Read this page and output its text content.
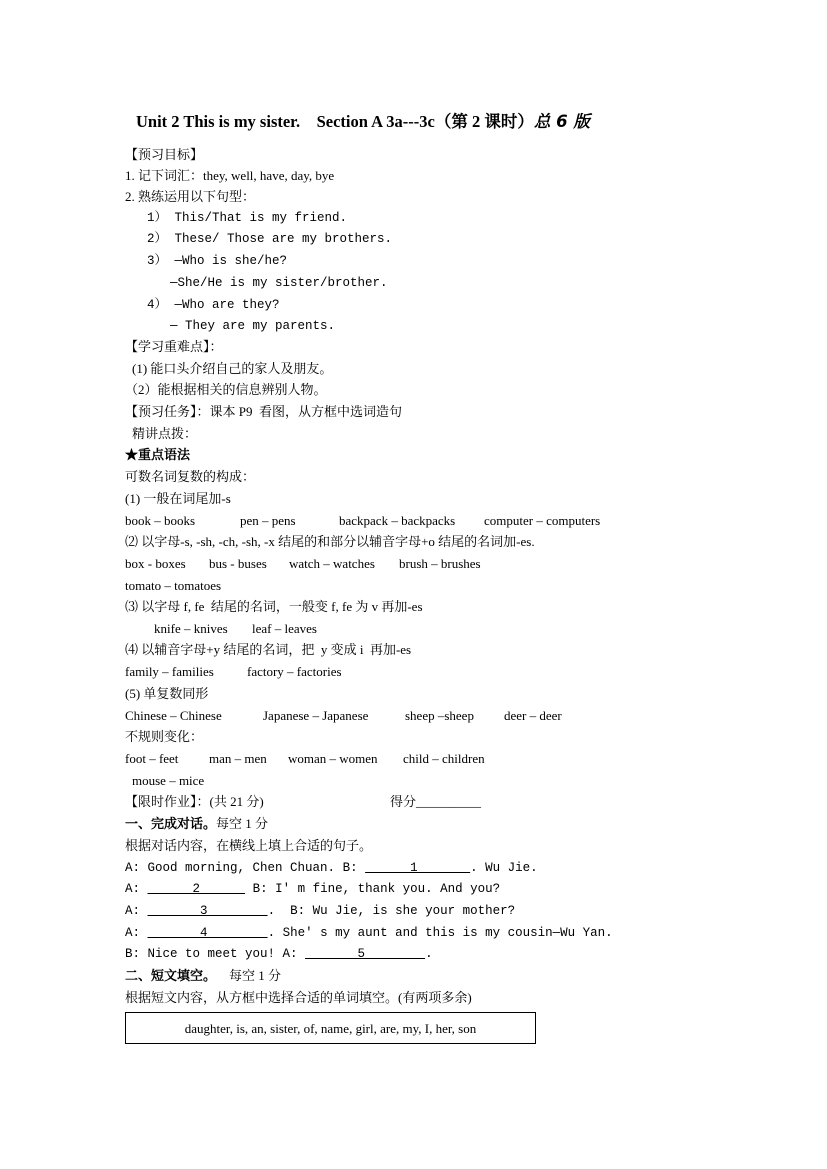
Unit 2 This is my sister.    Section A 3a---3c（第 2 课时）总 6 版
【预习目标】
1. 记下词汇：they, well, have, day, bye
2. 熟练运用以下句型：
1） This/That is my friend.
2） These/ Those are my brothers.
3） —Who is she/he?
—She/He is my sister/brother.
4） —Who are they?
— They are my parents.
【学习重难点】：
(1) 能口头介绍自己的家人及朋友。
（2）能根据相关的信息辨别人物。
【预习任务】：课本 P9  看图，从方框中选词造句
精讲点拨：
★重点语法
可数名词复数的构成：
(1) 一般在词尾加-s
book – books	pen – pens	backpack – backpacks computer – computers
⑵ 以字母-s, -sh, -ch, -sh, -x 结尾的和部分以辅音字母+o 结尾的名词加-es.
box - boxes bus - buses watch – watches brush – brushes
tomato – tomatoes
⑶ 以字母 f, fe  结尾的名词，一般变 f, fe 为 v 再加-es
knife – knives leaf – leaves
⑷ 以辅音字母+y 结尾的名词，把  y 变成 i  再加-es
family – families	factory – factories
(5) 单复数同形
Chinese – Chinese	Japanese – Japanese	sheep –sheep deer – deer
不规则变化：
foot – feet man – men woman – women child – children
mouse – mice
【限时作业】：(共 21 分)	得分__________
一、完成对话。每空 1 分
根据对话内容，在横线上填上合适的句子。
A: Good morning, Chen Chuan. B:       1       . Wu Jie.
A:       2       B: I' m fine, thank you. And you?
A:        3        .  B: Wu Jie, is she your mother?
A:        4        . She' s my aunt and this is my cousin—Wu Yan.
B: Nice to meet you! A:        5        .
二、短文填空。 每空 1 分
根据短文内容，从方框中选择合适的单词填空。(有两项多余)
daughter, is, an, sister, of, name, girl, are, my, I, her, son
